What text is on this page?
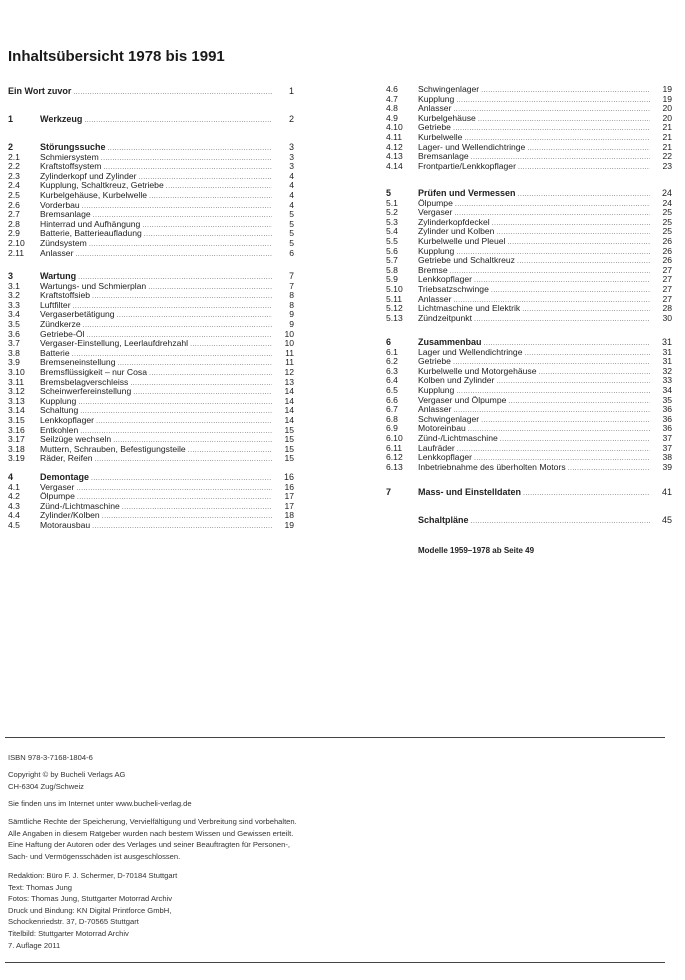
Inhaltsübersicht 1978 bis 1991
Ein Wort zuvor .....	1
1	Werkzeug .....	2
2	Störungssuche .....	3
2.1	Schmiersystem .....	3
2.2	Kraftstoffsystem .....	3
2.3	Zylinderkopf und Zylinder .....	4
2.4	Kupplung, Schaltkreuz, Getriebe .....	4
2.5	Kurbelgehäuse, Kurbelwelle .....	4
2.6	Vorderbau .....	4
2.7	Bremsanlage .....	5
2.8	Hinterrad und Aufhängung .....	5
2.9	Batterie, Batterieaufladung .....	5
2.10	Zündsystem .....	5
2.11	Anlasser .....	6
3	Wartung .....	7
3.1	Wartungs- und Schmierplan .....	7
3.2	Kraftstoffsieb .....	8
3.3	Luftfilter .....	8
3.4	Vergaserbetätigung .....	9
3.5	Zündkerze .....	9
3.6	Getriebe-Öl .....	10
3.7	Vergaser-Einstellung, Leerlaufdrehzahl .....	10
3.8	Batterie .....	11
3.9	Bremseneinstellung .....	11
3.10	Bremsflüssigkeit – nur Cosa .....	12
3.11	Bremsbelagverschleiss .....	13
3.12	Scheinwerfereinstellung .....	14
3.13	Kupplung .....	14
3.14	Schaltung .....	14
3.15	Lenkkopflager .....	14
3.16	Entkohlen .....	15
3.17	Seilzüge wechseln .....	15
3.18	Muttern, Schrauben, Befestigungsteile .....	15
3.19	Räder, Reifen .....	15
4	Demontage .....	16
4.1	Vergaser .....	16
4.2	Ölpumpe .....	17
4.3	Zünd-/Lichtmaschine .....	17
4.4	Zylinder/Kolben .....	18
4.5	Motorausbau .....	19
4.6	Schwingenlager .....	19
4.7	Kupplung .....	19
4.8	Anlasser .....	20
4.9	Kurbelgehäuse .....	20
4.10	Getriebe .....	21
4.11	Kurbelwelle .....	21
4.12	Lager- und Wellendichtringe .....	21
4.13	Bremsanlage .....	22
4.14	Frontpartie/Lenkkopflager .....	23
5	Prüfen und Vermessen .....	24
5.1	Ölpumpe .....	24
5.2	Vergaser .....	25
5.3	Zylinderkopfdeckel .....	25
5.4	Zylinder und Kolben .....	25
5.5	Kurbelwelle und Pleuel .....	26
5.6	Kupplung .....	26
5.7	Getriebe und Schaltkreuz .....	26
5.8	Bremse .....	27
5.9	Lenkkopflager .....	27
5.10	Triebsatzschwinge .....	27
5.11	Anlasser .....	27
5.12	Lichtmaschine und Elektrik .....	28
5.13	Zündzeitpunkt .....	30
6	Zusammenbau .....	31
6.1	Lager und Wellendichtringe .....	31
6.2	Getriebe .....	31
6.3	Kurbelwelle und Motorgehäuse .....	32
6.4	Kolben und Zylinder .....	33
6.5	Kupplung .....	34
6.6	Vergaser und Ölpumpe .....	35
6.7	Anlasser .....	36
6.8	Schwingenlager .....	36
6.9	Motoreinbau .....	36
6.10	Zünd-/Lichtmaschine .....	37
6.11	Laufräder .....	37
6.12	Lenkkopflager .....	38
6.13	Inbetriebnahme des überholten Motors .....	39
7	Mass- und Einstelldaten .....	41
Schaltpläne .....	45
Modelle 1959–1978 ab Seite 49
ISBN 978-3-7168-1804-6
Copyright © by Bucheli Verlags AG
CH-6304 Zug/Schweiz
Sie finden uns im Internet unter www.bucheli-verlag.de
Sämtliche Rechte der Speicherung, Vervielfältigung und Verbreitung sind vorbehalten.
Alle Angaben in diesem Ratgeber wurden nach bestem Wissen und Gewissen erteilt.
Eine Haftung der Autoren oder des Verlages und seiner Beauftragten für Personen-,
Sach- und Vermögensschäden ist ausgeschlossen.
Redaktion: Büro F. J. Schermer, D-70184 Stuttgart
Text: Thomas Jung
Fotos: Thomas Jung, Stuttgarter Motorrad Archiv
Druck und Bindung: KN Digital Printforce GmbH,
Schockenriedstr. 37, D-70565 Stuttgart
Titelbild: Stuttgarter Motorrad Archiv
7. Auflage 2011
